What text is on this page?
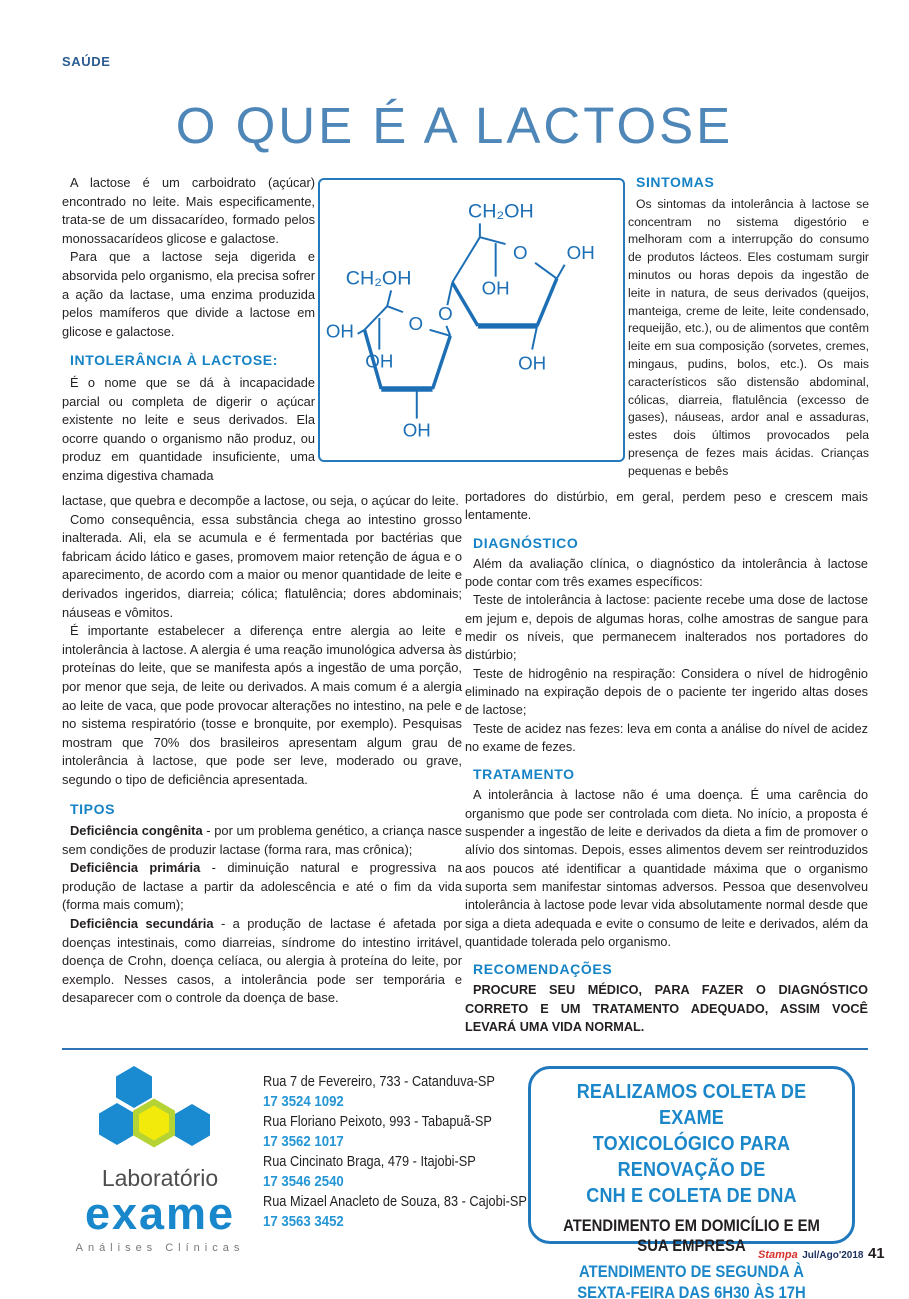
SAÚDE
O QUE É A LACTOSE
CH₂OH
O OH
OH
OH
O
CH₂OH
O
OH
OH
OH

A lactose é um carboidrato (açúcar) encontrado no leite. Mais especificamente, trata-se de um dissacarídeo, formado pelos monossacarídeos glicose e galactose.

Para que a lactose seja digerida e absorvida pelo organismo, ela precisa sofrer a ação da lactase, uma enzima produzida pelos mamíferos que divide a lactose em glicose e galactose.

INTOLERÂNCIA À LACTOSE:

É o nome que se dá à incapacidade parcial ou completa de digerir o açúcar existente no leite e seus derivados. Ela ocorre quando o organismo não produz, ou produz em quantidade insuficiente, uma enzima digestiva chamada

SINTOMAS

Os sintomas da intolerância à lactose se concentram no sistema digestório e melhoram com a interrupção do consumo de produtos lácteos. Eles costumam surgir minutos ou horas depois da ingestão de leite in natura, de seus derivados (queijos, manteiga, creme de leite, leite condensado, requeijão, etc.), ou de alimentos que contêm leite em sua composição (sorvetes, cremes, mingaus, pudins, bolos, etc.). Os mais característicos são distensão abdominal, cólicas, diarreia, flatulência (excesso de gases), náuseas, ardor anal e assaduras, estes dois últimos provocados pela presença de fezes mais ácidas. Crianças pequenas e bebês

lactase, que quebra e decompõe a lactose, ou seja, o açúcar do leite.

Como consequência, essa substância chega ao intestino grosso inalterada. Ali, ela se acumula e é fermentada por bactérias que fabricam ácido lático e gases, promovem maior retenção de água e o aparecimento, de acordo com a maior ou menor quantidade de leite e derivados ingeridos, diarreia; cólica; flatulência; dores abdominais; náuseas e vômitos.

É importante estabelecer a diferença entre alergia ao leite e intolerância à lactose. A alergia é uma reação imunológica adversa às proteínas do leite, que se manifesta após a ingestão de uma porção, por menor que seja, de leite ou derivados. A mais comum é a alergia ao leite de vaca, que pode provocar alterações no intestino, na pele e no sistema respiratório (tosse e bronquite, por exemplo). Pesquisas mostram que 70% dos brasileiros apresentam algum grau de intolerância à lactose, que pode ser leve, moderado ou grave, segundo o tipo de deficiência apresentada.

TIPOS

Deficiência congênita - por um problema genético, a criança nasce sem condições de produzir lactase (forma rara, mas crônica);

Deficiência primária - diminuição natural e progressiva na produção de lactase a partir da adolescência e até o fim da vida (forma mais comum);

Deficiência secundária - a produção de lactase é afetada por doenças intestinais, como diarreias, síndrome do intestino irritável, doença de Crohn, doença celíaca, ou alergia à proteína do leite, por exemplo. Nesses casos, a intolerância pode ser temporária e desaparecer com o controle da doença de base.

portadores do distúrbio, em geral, perdem peso e crescem mais lentamente.

DIAGNÓSTICO

Além da avaliação clínica, o diagnóstico da intolerância à lactose pode contar com três exames específicos:

Teste de intolerância à lactose: paciente recebe uma dose de lactose em jejum e, depois de algumas horas, colhe amostras de sangue para medir os níveis, que permanecem inalterados nos portadores do distúrbio;

Teste de hidrogênio na respiração: Considera o nível de hidrogênio eliminado na expiração depois de o paciente ter ingerido altas doses de lactose;

Teste de acidez nas fezes: leva em conta a análise do nível de acidez no exame de fezes.

TRATAMENTO

A intolerância à lactose não é uma doença. É uma carência do organismo que pode ser controlada com dieta. No início, a proposta é suspender a ingestão de leite e derivados da dieta a fim de promover o alívio dos sintomas. Depois, esses alimentos devem ser reintroduzidos aos poucos até identificar a quantidade máxima que o organismo suporta sem manifestar sintomas adversos. Pessoa que desenvolveu intolerância à lactose pode levar vida absolutamente normal desde que siga a dieta adequada e evite o consumo de leite e derivados, além da quantidade tolerada pelo organismo.

RECOMENDAÇÕES

PROCURE SEU MÉDICO, PARA FAZER O DIAGNÓSTICO CORRETO E UM TRATAMENTO ADEQUADO, ASSIM VOCÊ LEVARÁ UMA VIDA NORMAL.

Laboratório
exame
Análises Clínicas
Rua 7 de Fevereiro, 733 - Catanduva-SP
17 3524 1092
Rua Floriano Peixoto, 993 - Tabapuã-SP
17 3562 1017
Rua Cincinato Braga, 479 - Itajobi-SP
17 3546 2540
Rua Mizael Anacleto de Souza, 83 - Cajobi-SP
17 3563 3452
REALIZAMOS COLETA DE EXAME
TOXICOLÓGICO PARA RENOVAÇÃO DE
CNH E COLETA DE DNA
ATENDIMENTO EM DOMICÍLIO E EM SUA EMPRESA
ATENDIMENTO DE SEGUNDA À
SEXTA-FEIRA DAS 6H30 ÀS 17H
Stampa Jul/Ago'2018 41
